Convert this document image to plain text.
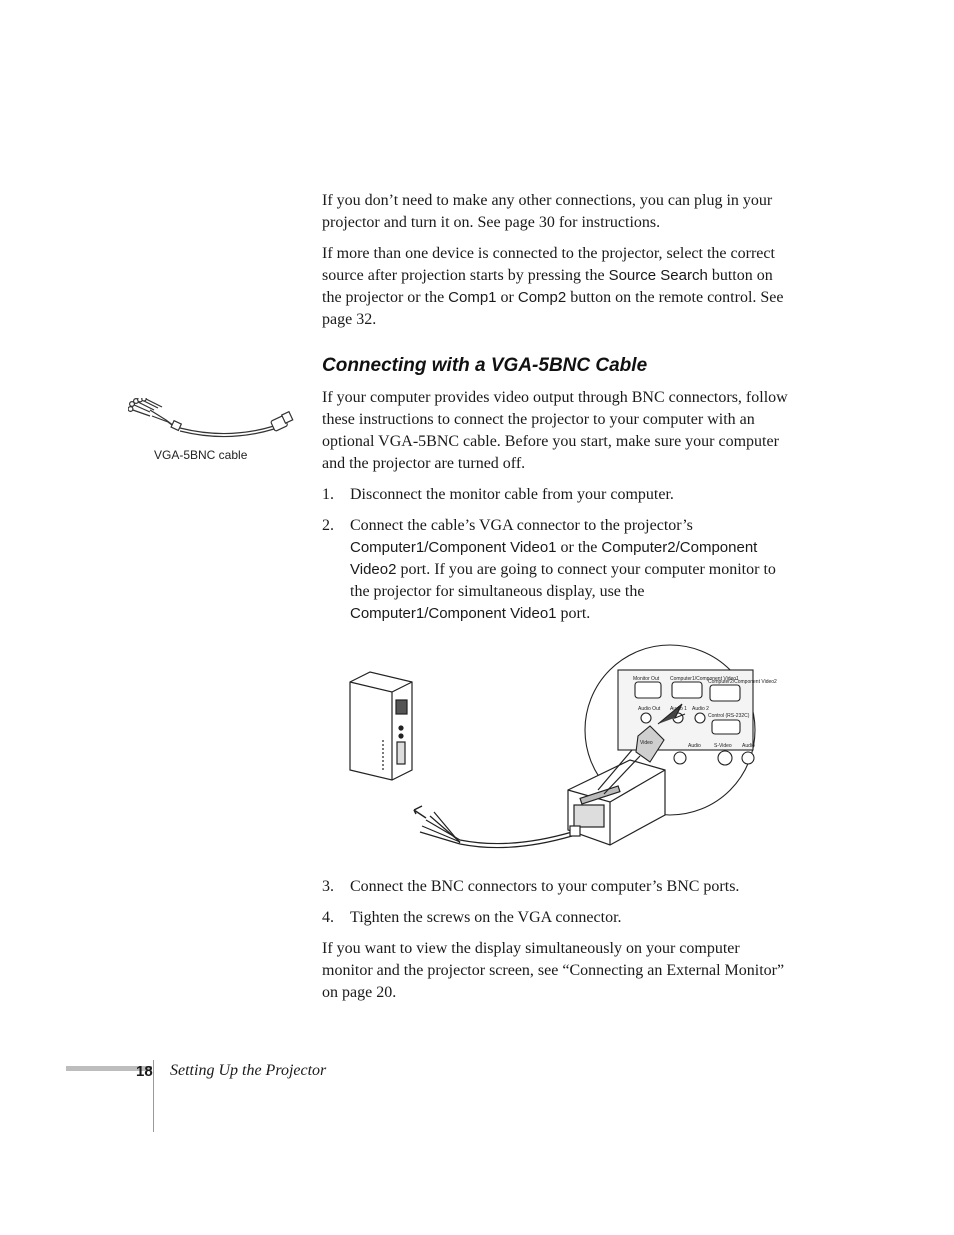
If you don’t need to make any other connections, you can plug in your projector and turn it on. See page 30 for instructions.

If more than one device is connected to the projector, select the correct source after projection starts by pressing the Source Search button on the projector or the Comp1 or Comp2 button on the remote control. See page 32.

Connecting with a VGA-5BNC Cable
VGA-5BNC cable

If your computer provides video output through BNC connectors, follow these instructions to connect the projector to your computer with an optional VGA-5BNC cable. Before you start, make sure your computer and the projector are turned off.

1. Disconnect the monitor cable from your computer.

2. Connect the cable’s VGA connector to the projector’s Computer1/Component Video1 or the Computer2/Component Video2 port. If you are going to connect your computer monitor to the projector for simultaneous display, use the Computer1/Component Video1 port.

Monitor Out Computer1/Component Video1
Computer2/Component Video2
Audio Out Audio 1 Audio 2
Control (RS-232C)
Video	Audio	S-Video Audio
3. Connect the BNC connectors to your computer’s BNC ports.

4. Tighten the screws on the VGA connector.

If you want to view the display simultaneously on your computer monitor and the projector screen, see “Connecting an External Monitor” on page 20.

18 Setting Up the Projector
